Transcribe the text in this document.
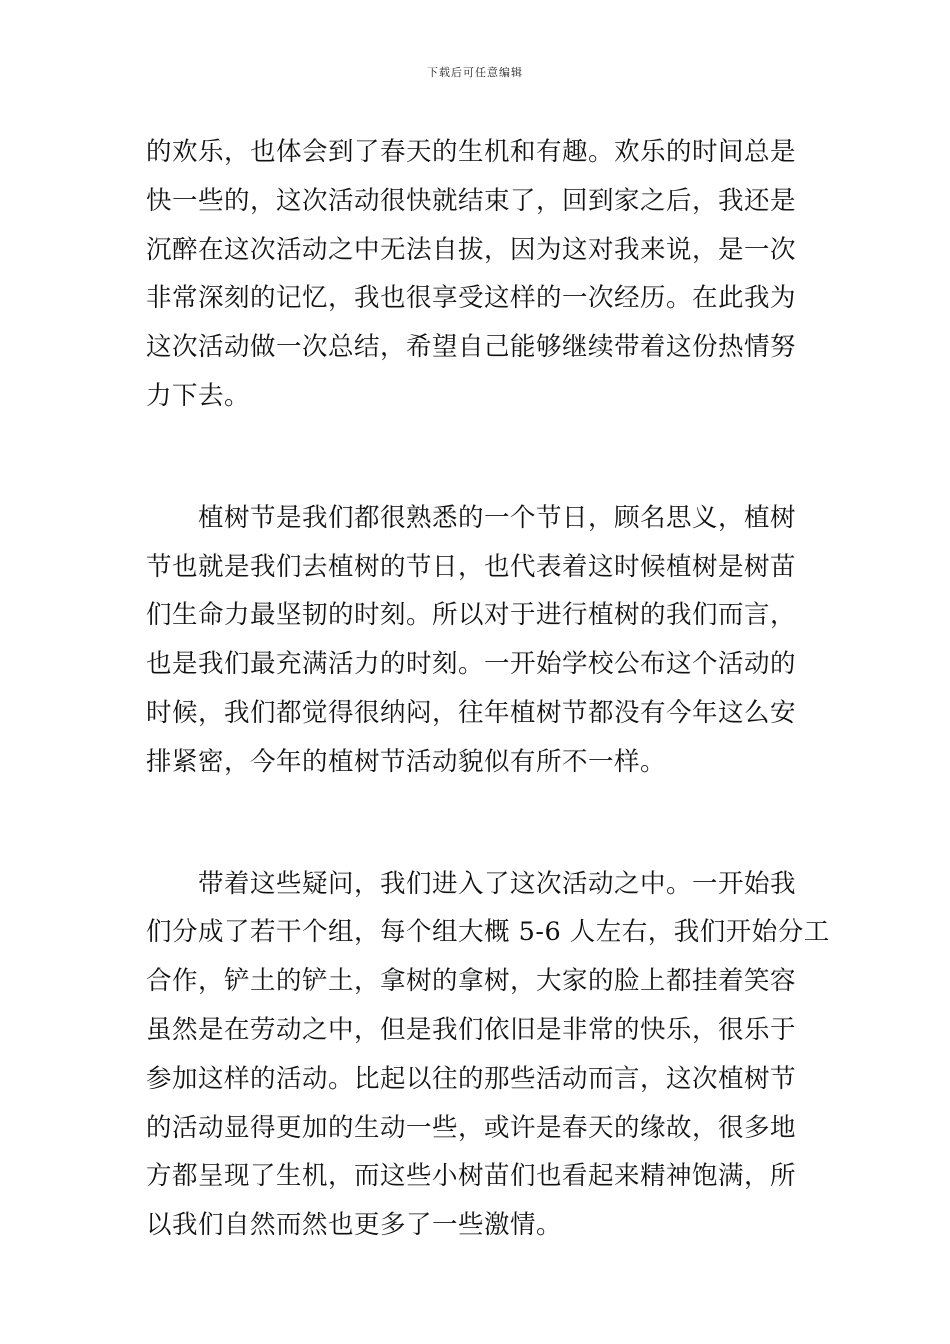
下载后可任意编辑
的欢乐，也体会到了春天的生机和有趣。欢乐的时间总是
快一些的，这次活动很快就结束了，回到家之后，我还是
沉醉在这次活动之中无法自拔，因为这对我来说，是一次
非常深刻的记忆，我也很享受这样的一次经历。在此我为
这次活动做一次总结，希望自己能够继续带着这份热情努
力下去。
植树节是我们都很熟悉的一个节日，顾名思义，植树
节也就是我们去植树的节日，也代表着这时候植树是树苗
们生命力最坚韧的时刻。所以对于进行植树的我们而言，
也是我们最充满活力的时刻。一开始学校公布这个活动的
时候，我们都觉得很纳闷，往年植树节都没有今年这么安
排紧密，今年的植树节活动貌似有所不一样。
带着这些疑问，我们进入了这次活动之中。一开始我
们分成了若干个组，每个组大概 5-6 人左右，我们开始分工
合作，铲土的铲土，拿树的拿树，大家的脸上都挂着笑容
虽然是在劳动之中，但是我们依旧是非常的快乐，很乐于
参加这样的活动。比起以往的那些活动而言，这次植树节
的活动显得更加的生动一些，或许是春天的缘故，很多地
方都呈现了生机，而这些小树苗们也看起来精神饱满，所
以我们自然而然也更多了一些激情。
